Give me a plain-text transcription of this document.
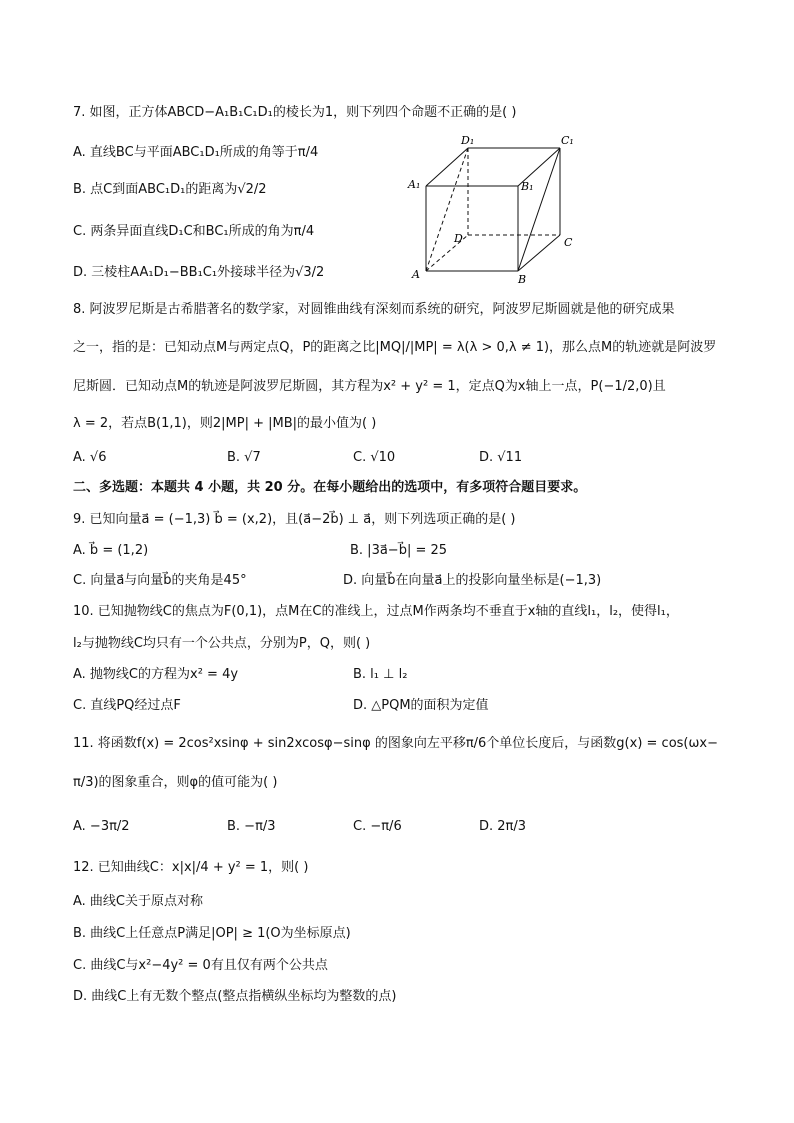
7. 如图，正方体ABCD−A₁B₁C₁D₁的棱长为1，则下列四个命题不正确的是( )
A. 直线BC与平面ABC₁D₁所成的角等于π/4
B. 点C到面ABC₁D₁的距离为√2/2
C. 两条异面直线D₁C和BC₁所成的角为π/4
D. 三棱柱AA₁D₁−BB₁C₁外接球半径为√3/2
D₁	C₁
A₁	B₁
D	C
A	B
8. 阿波罗尼斯是古希腊著名的数学家，对圆锥曲线有深刻而系统的研究，阿波罗尼斯圆就是他的研究成果
之一，指的是：已知动点M与两定点Q，P的距离之比|MQ|/|MP| = λ(λ > 0,λ ≠ 1)，那么点M的轨迹就是阿波罗
尼斯圆．已知动点M的轨迹是阿波罗尼斯圆，其方程为x² + y² = 1，定点Q为x轴上一点，P(−1/2,0)且
λ = 2，若点B(1,1)，则2|MP| + |MB|的最小值为( )
A. √6	B. √7	C. √10	D. √11
二、多选题：本题共 4 小题，共 20 分。在每小题给出的选项中，有多项符合题目要求。
9. 已知向量a⃗ = (−1,3) b⃗ = (x,2)，且(a⃗−2b⃗) ⊥ a⃗，则下列选项正确的是( )
A. b⃗ = (1,2)	B. |3a⃗−b⃗| = 25
C. 向量a⃗与向量b⃗的夹角是45°	D. 向量b⃗在向量a⃗上的投影向量坐标是(−1,3)
10. 已知抛物线C的焦点为F(0,1)，点M在C的准线上，过点M作两条均不垂直于x轴的直线l₁，l₂，使得l₁，
l₂与抛物线C均只有一个公共点，分别为P，Q，则( )
A. 抛物线C的方程为x² = 4y	B. l₁ ⊥ l₂
C. 直线PQ经过点F	D. △PQM的面积为定值
11. 将函数f(x) = 2cos²xsinφ + sin2xcosφ−sinφ 的图象向左平移π/6个单位长度后，与函数g(x) = cos(ωx−
π/3)的图象重合，则φ的值可能为( )
A. −3π/2	B. −π/3	C. −π/6	D. 2π/3
12. 已知曲线C：x|x|/4 + y² = 1，则( )
A. 曲线C关于原点对称
B. 曲线C上任意点P满足|OP| ≥ 1(O为坐标原点)
C. 曲线C与x²−4y² = 0有且仅有两个公共点
D. 曲线C上有无数个整点(整点指横纵坐标均为整数的点)
